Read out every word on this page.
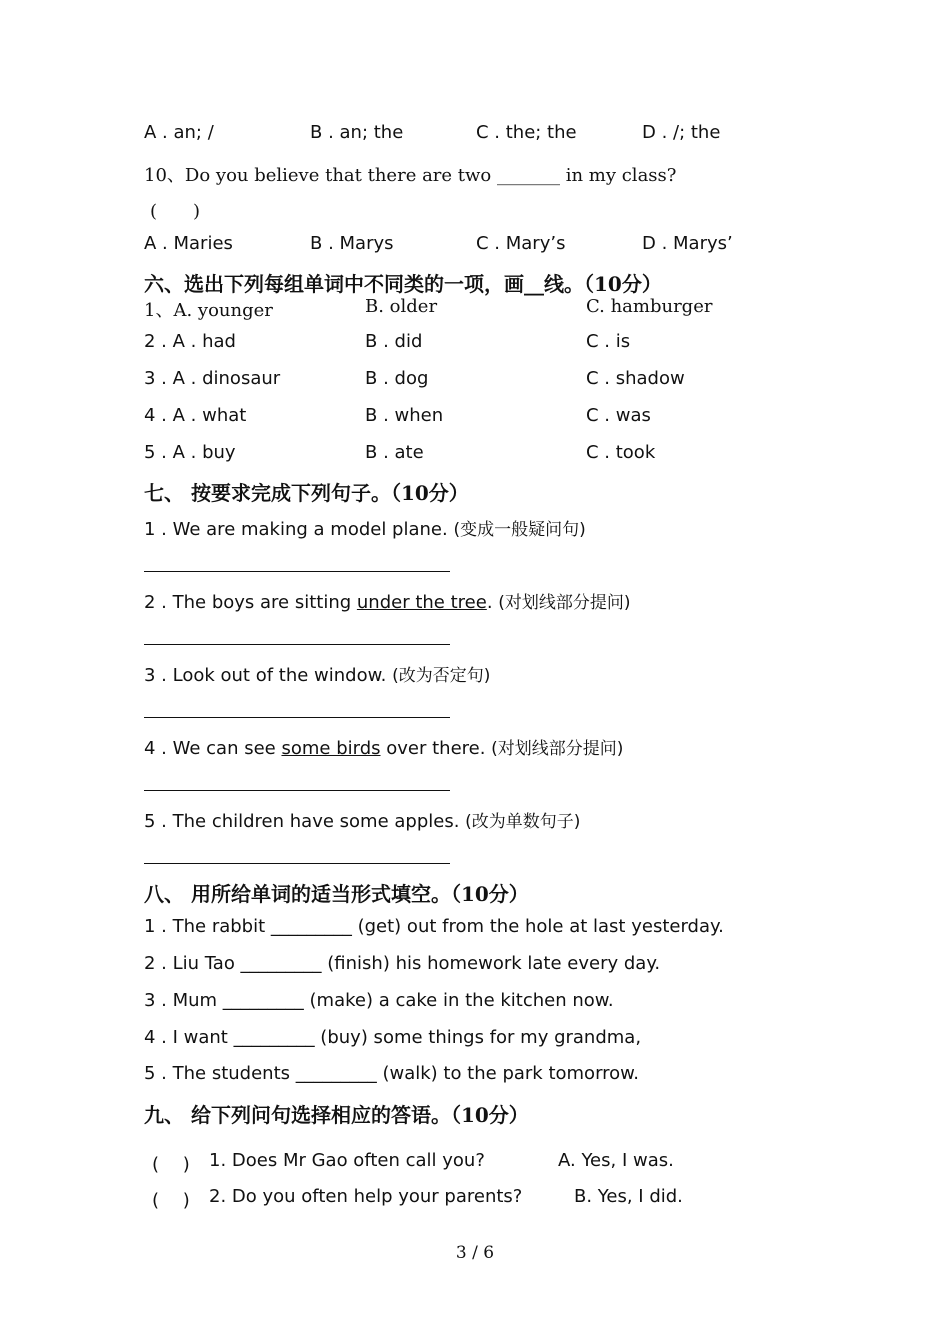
A . an; /	B . an; the	C . the; the	D . /; the
10、Do you believe that there are two _______ in my class?
(　　)
A . Maries	B . Marys	C . Mary’s	D . Marys’
六、选出下列每组单词中不同类的一项，画__线。（10分）
1、A. younger	B. older	C. hamburger
2 . A . had	B . did	C . is
3 . A . dinosaur	B . dog	C . shadow
4 . A . what	B . when	C . was
5 . A . buy	B . ate	C . took
七、 按要求完成下列句子。（10分）
1 . We are making a model plane. (变成一般疑问句)
2 . The boys are sitting under the tree. (对划线部分提问)
3 . Look out of the window. (改为否定句)
4 . We can see some birds over there. (对划线部分提问)
5 . The children have some apples. (改为单数句子)
八、 用所给单词的适当形式填空。（10分）
1 . The rabbit _________ (get) out from the hole at last yesterday.
2 . Liu Tao _________ (finish) his homework late every day.
3 . Mum _________ (make) a cake in the kitchen now.
4 . I want _________ (buy) some things for my grandma,
5 . The students _________ (walk) to the park tomorrow.
九、 给下列问句选择相应的答语。（10分）
(　 ) 1. Does Mr Gao often call you?	A. Yes, I was.
(　 ) 2. Do you often help your parents?	B. Yes, I did.
3 / 6
